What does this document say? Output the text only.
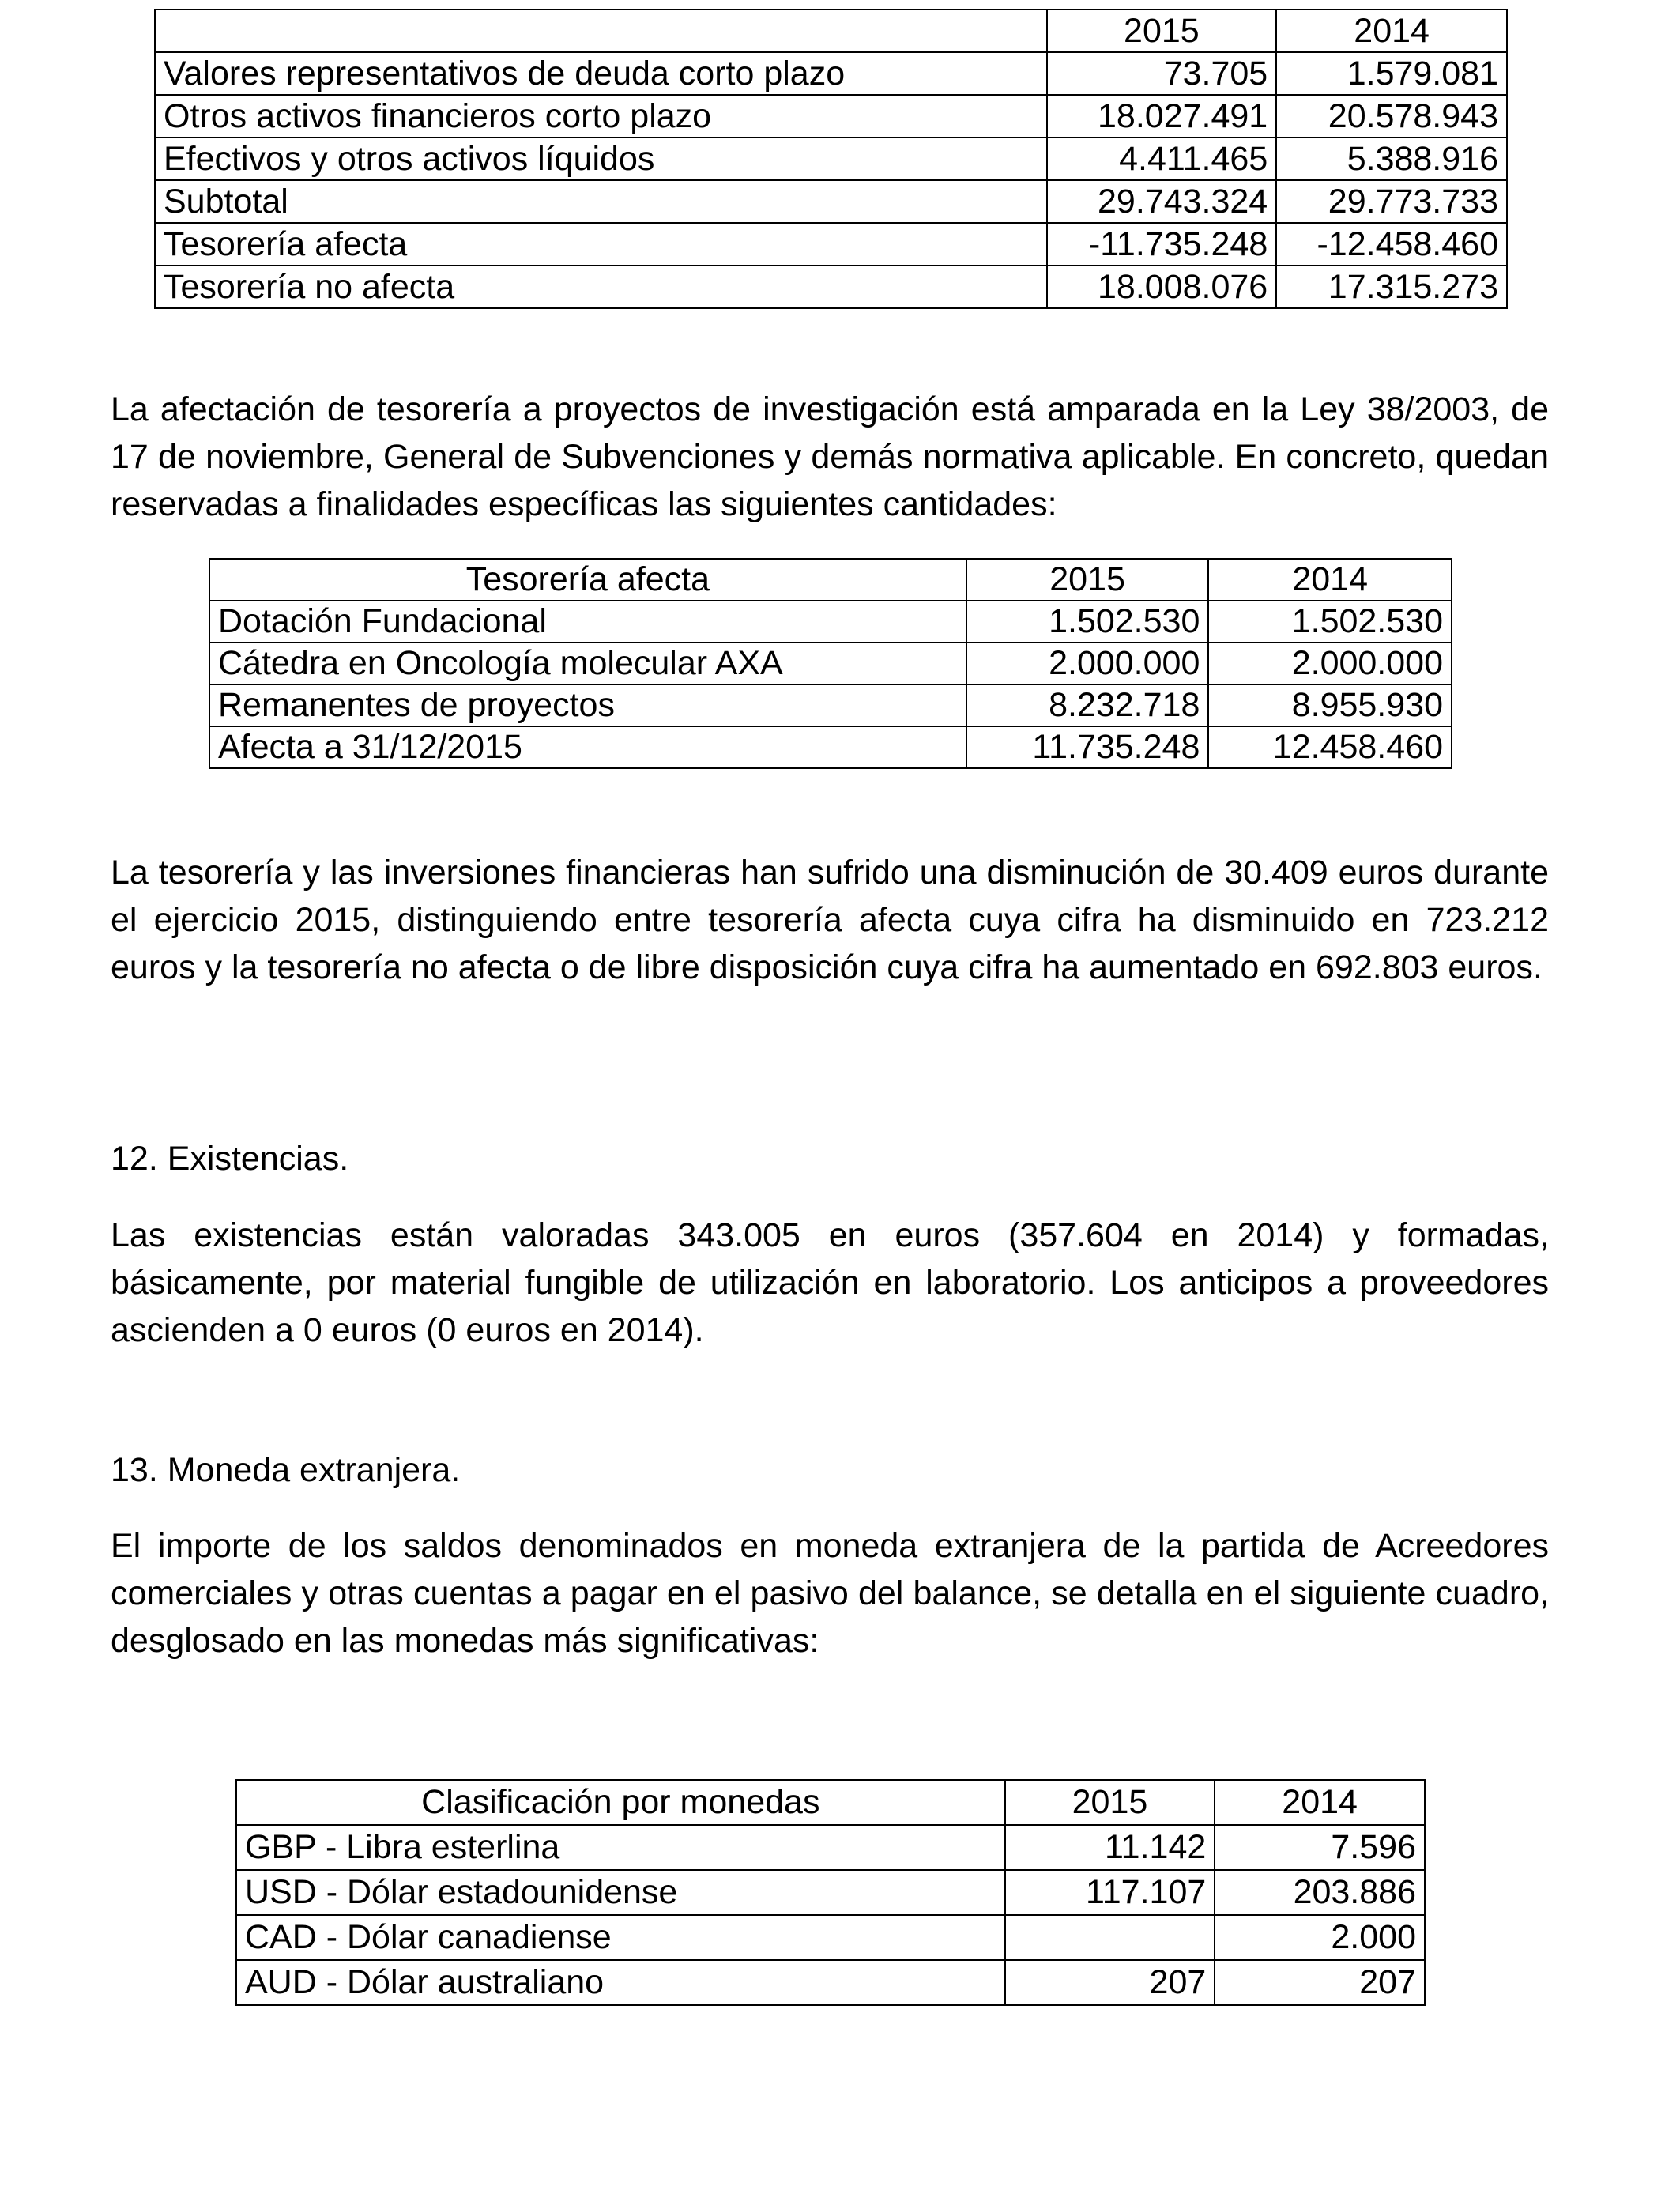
	2015	2014
Valores representativos de deuda corto plazo	73.705	1.579.081
Otros activos financieros corto plazo	18.027.491	20.578.943
Efectivos y otros activos líquidos	4.411.465	5.388.916
Subtotal	29.743.324	29.773.733
Tesorería afecta	-11.735.248	-12.458.460
Tesorería no afecta	18.008.076	17.315.273

La afectación de tesorería a proyectos de investigación está amparada en la Ley 38/2003, de 17 de noviembre, General de Subvenciones y demás normativa aplicable. En concreto, quedan reservadas a finalidades específicas las siguientes cantidades:

Tesorería afecta	2015	2014
Dotación Fundacional	1.502.530	1.502.530
Cátedra en Oncología molecular AXA	2.000.000	2.000.000
Remanentes de proyectos	8.232.718	8.955.930
Afecta a 31/12/2015	11.735.248	12.458.460

La tesorería y las inversiones financieras han sufrido una disminución de 30.409 euros durante el ejercicio 2015, distinguiendo entre tesorería afecta cuya cifra ha disminuido en 723.212 euros y la tesorería no afecta o de libre disposición cuya cifra ha aumentado en 692.803 euros.

12. Existencias.

Las existencias están valoradas 343.005 en euros (357.604 en 2014) y formadas, básicamente, por material fungible de utilización en laboratorio. Los anticipos a proveedores ascienden a 0 euros (0 euros en 2014).

13. Moneda extranjera.

El importe de los saldos denominados en moneda extranjera de la partida de Acreedores comerciales y otras cuentas a pagar en el pasivo del balance, se detalla en el siguiente cuadro, desglosado en las monedas más significativas:

Clasificación por monedas	2015	2014
GBP - Libra esterlina	11.142	7.596
USD - Dólar estadounidense	117.107	203.886
CAD - Dólar canadiense		2.000
AUD - Dólar australiano	207	207
